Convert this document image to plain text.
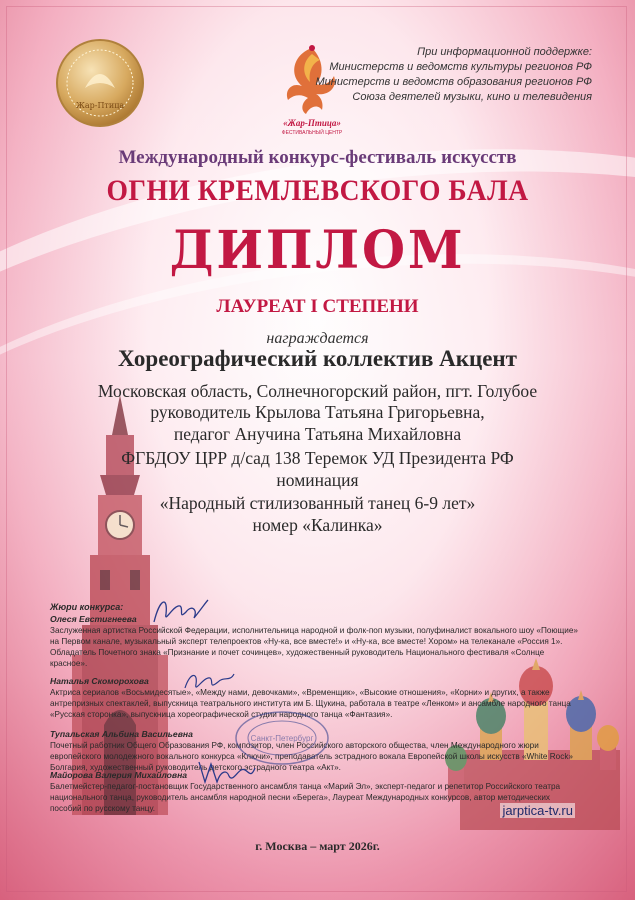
Жар-Птица
«Жар-Птица»
ФЕСТИВАЛЬНЫЙ ЦЕНТР
При информационной поддержке:
Министерств и ведомств культуры регионов РФ
Министерств и ведомств образования регионов РФ
Союза деятелей музыки, кино и телевидения
Международный конкурс-фестиваль искусств
ОГНИ КРЕМЛЕВСКОГО БАЛА
ДИПЛОМ
ЛАУРЕАТ I СТЕПЕНИ
награждается
Хореографический коллектив Акцент
Московская область, Солнечногорский район, пгт. Голубое
руководитель Крылова Татьяна Григорьевна,
педагог Анучина Татьяна Михайловна
ФГБДОУ ЦРР д/сад 138 Теремок УД Президента РФ
номинация
«Народный стилизованный танец 6-9 лет»
номер «Калинка»
Жюри конкурса:
Олеся Евстигнеева
Заслуженная артистка Российской Федерации, исполнительница народной и фолк-поп музыки, полуфиналист вокального шоу «Поющие» на Первом канале, музыкальный эксперт телепроектов «Ну-ка, все вместе!» и «Ну-ка, все вместе! Хором» на телеканале «Россия 1». Обладатель Почетного знака «Признание и почет сочинцев», художественный руководитель Национального фестиваля «Солнце красное».
Наталья Скоморохова
Актриса сериалов «Восьмидесятые», «Между нами, девочками», «Временщик», «Высокие отношения», «Корни» и других, а также антрепризных спектаклей, выпускница театрального института им Б. Щукина, работала в театре «Ленком» и ансамбле народного танца «Русская сторонка», выпускница хореографической студии народного танца «Фантазия».
Тупальская Альбина Васильевна
Почетный работник Общего Образования РФ, композитор, член Российского авторского общества, член Международного жюри европейского молодежного вокального конкурса «Ключи», преподаватель эстрадного вокала Европейской школы искусств «White Rock» Болгария, художественный руководитель детского эстрадного театра «Акт».
Майорова Валерия Михайловна
Балетмейстер-педагог-постановщик Государственного ансамбля танца «Марий Эл», эксперт-педагог и репетитор Российского театра национального танца, руководитель ансамбля народной песни «Берега», Лауреат Международных конкурсов, автор методических пособий по русскому танцу.
Санкт-Петербург
jarptica-tv.ru
г. Москва – март 2026г.
